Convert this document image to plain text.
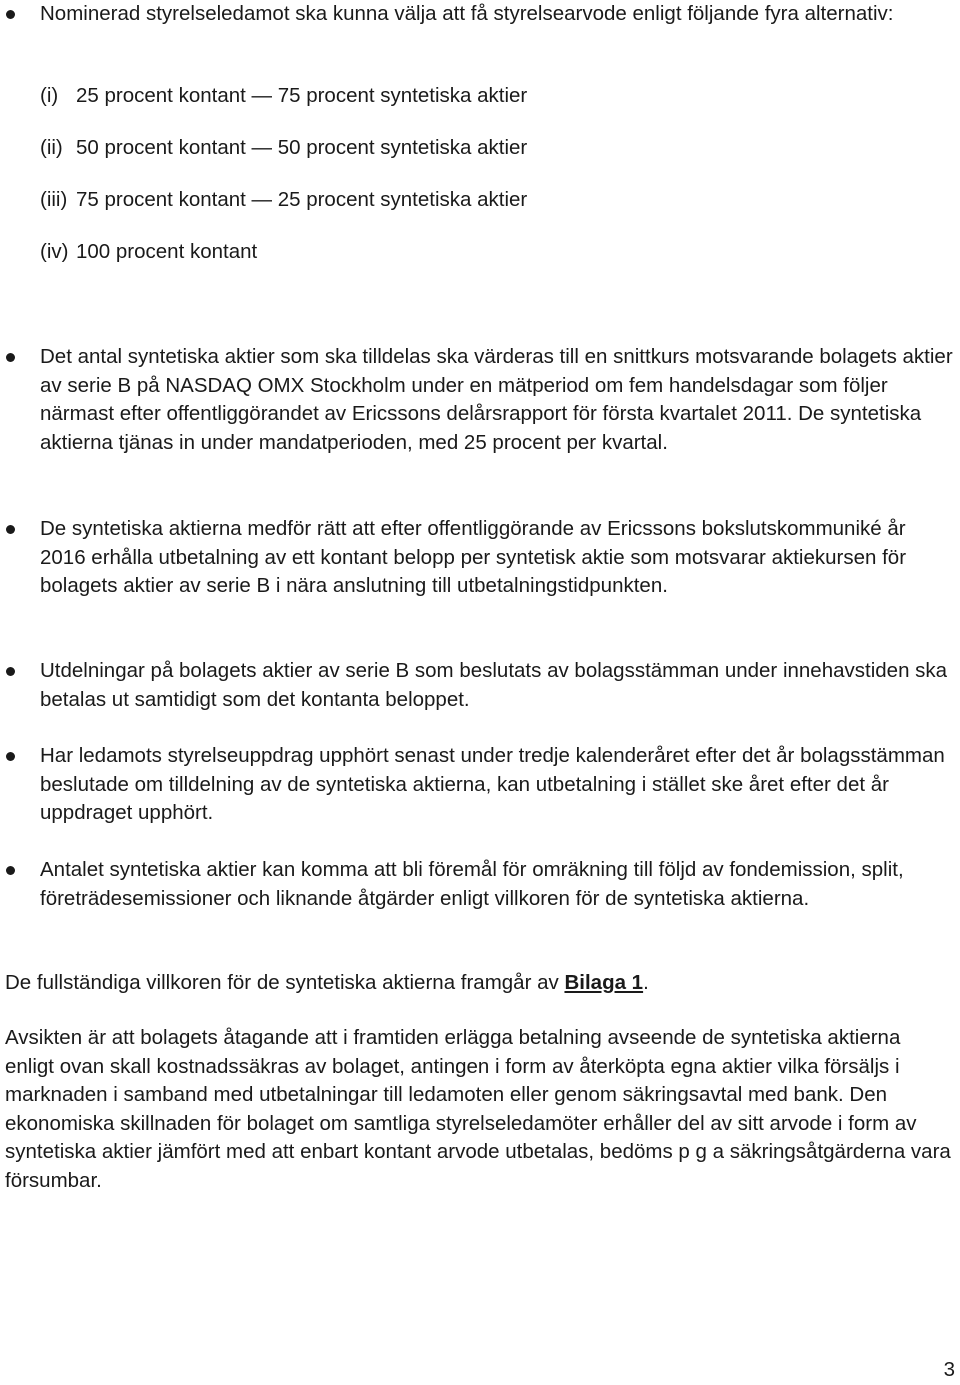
Nominerad styrelseledamot ska kunna välja att få styrelsearvode enligt följande fyra alternativ:
(i) 25 procent kontant — 75 procent syntetiska aktier
(ii) 50 procent kontant — 50 procent syntetiska aktier
(iii) 75 procent kontant — 25 procent syntetiska aktier
(iv) 100 procent kontant
Det antal syntetiska aktier som ska tilldelas ska värderas till en snittkurs motsvarande bolagets aktier av serie B på NASDAQ OMX Stockholm under en mätperiod om fem handelsdagar som följer närmast efter offentliggörandet av Ericssons delårsrapport för första kvartalet 2011. De syntetiska aktierna tjänas in under mandatperioden, med 25 procent per kvartal.
De syntetiska aktierna medför rätt att efter offentliggörande av Ericssons bokslutskommuniké år 2016 erhålla utbetalning av ett kontant belopp per syntetisk aktie som motsvarar aktiekursen för bolagets aktier av serie B i nära anslutning till utbetalningstidpunkten.
Utdelningar på bolagets aktier av serie B som beslutats av bolagsstämman under innehavstiden ska betalas ut samtidigt som det kontanta beloppet.
Har ledamots styrelseuppdrag upphört senast under tredje kalenderåret efter det år bolagsstämman beslutade om tilldelning av de syntetiska aktierna, kan utbetalning i stället ske året efter det år uppdraget upphört.
Antalet syntetiska aktier kan komma att bli föremål för omräkning till följd av fondemission, split, företrädesemissioner och liknande åtgärder enligt villkoren för de syntetiska aktierna.
De fullständiga villkoren för de syntetiska aktierna framgår av Bilaga 1.
Avsikten är att bolagets åtagande att i framtiden erlägga betalning avseende de syntetiska aktierna enligt ovan skall kostnadssäkras av bolaget, antingen i form av återköpta egna aktier vilka försäljs i marknaden i samband med utbetalningar till ledamoten eller genom säkringsavtal med bank. Den ekonomiska skillnaden för bolaget om samtliga styrelseledamöter erhåller del av sitt arvode i form av syntetiska aktier jämfört med att enbart kontant arvode utbetalas, bedöms p g a säkringsåtgärderna vara försumbar.
3
